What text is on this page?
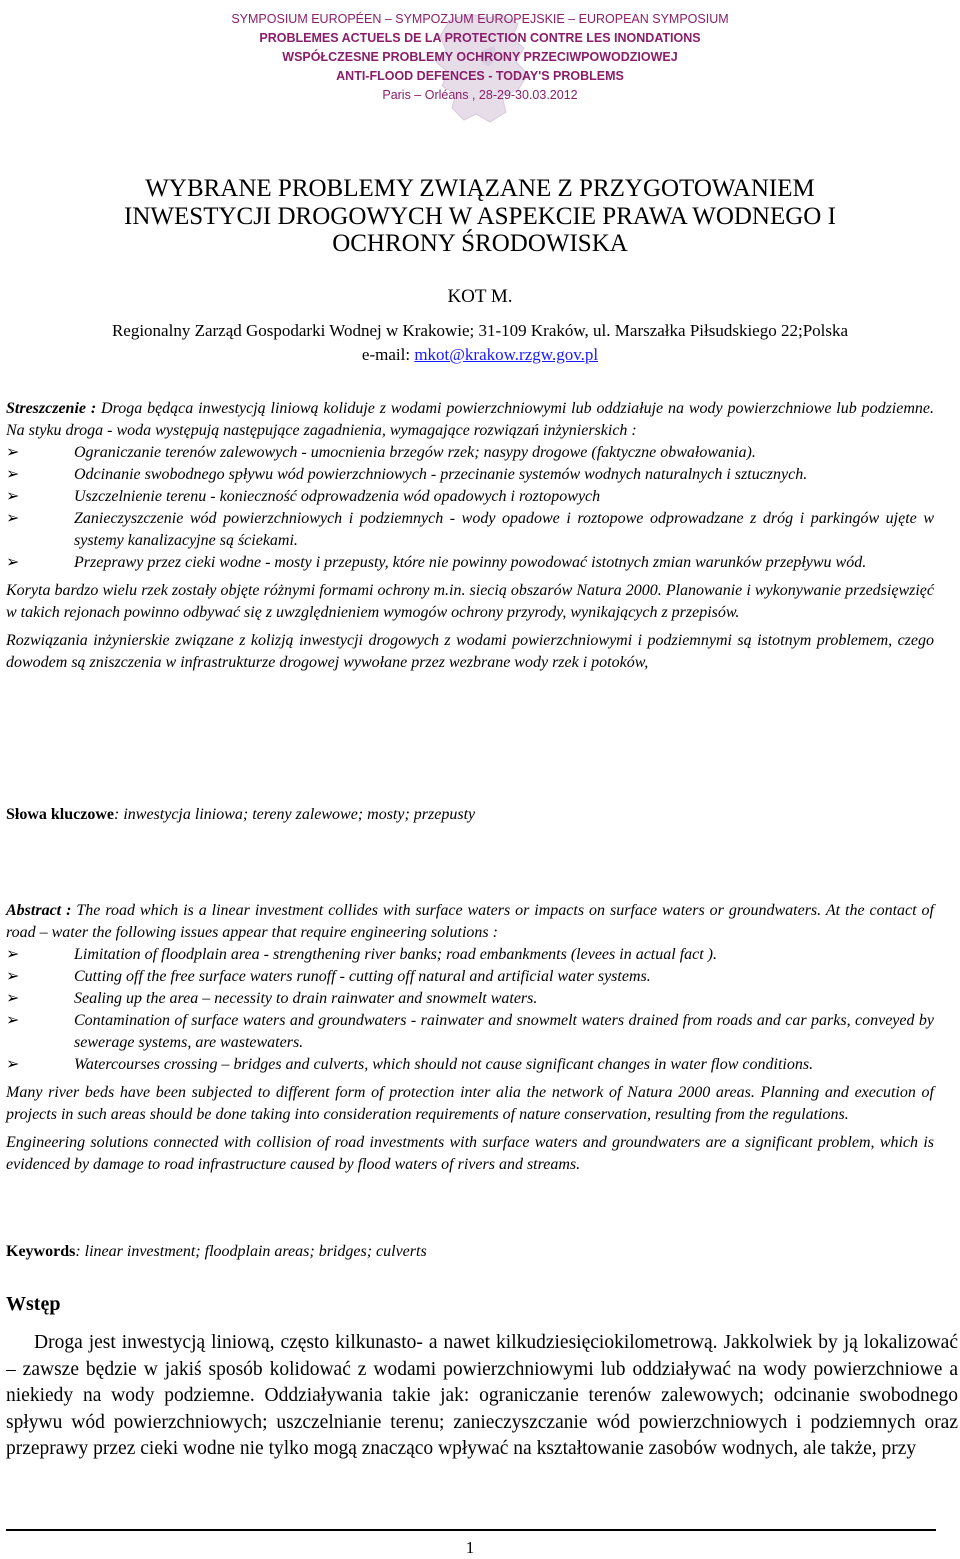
SYMPOSIUM EUROPÉEN – SYMPOZJUM EUROPEJSKIE – EUROPEAN SYMPOSIUM
PROBLEMES ACTUELS DE LA PROTECTION CONTRE LES INONDATIONS
WSPÓŁCZESNE PROBLEMY OCHRONY PRZECIWPOWODZIOWEJ
ANTI-FLOOD DEFENCES - TODAY'S PROBLEMS
Paris – Orléans , 28-29-30.03.2012
WYBRANE PROBLEMY ZWIĄZANE Z PRZYGOTOWANIEM
INWESTYCJI DROGOWYCH W ASPEKCIE PRAWA WODNEGO I
OCHRONY ŚRODOWISKA
KOT M.
Regionalny Zarząd Gospodarki Wodnej w Krakowie; 31-109 Kraków, ul. Marszałka Piłsudskiego 22;Polska
e-mail: mkot@krakow.rzgw.gov.pl

Streszczenie : Droga będąca inwestycją liniową koliduje z wodami powierzchniowymi lub oddziałuje na wody powierzchniowe lub podziemne. Na styku droga - woda występują następujące zagadnienia, wymagające rozwiązań inżynierskich :

➢	Ograniczanie terenów zalewowych - umocnienia brzegów rzek; nasypy drogowe (faktyczne obwałowania).
➢	Odcinanie swobodnego spływu wód powierzchniowych - przecinanie systemów wodnych naturalnych i sztucznych.
➢	Uszczelnienie terenu - konieczność odprowadzenia wód opadowych i roztopowych
➢	Zanieczyszczenie wód powierzchniowych i podziemnych - wody opadowe i roztopowe odprowadzane z dróg i parkingów ujęte w systemy kanalizacyjne są ściekami.
➢	Przeprawy przez cieki wodne - mosty i przepusty, które nie powinny powodować istotnych zmian warunków przepływu wód.

Koryta bardzo wielu rzek zostały objęte różnymi formami ochrony m.in. siecią obszarów Natura 2000. Planowanie i wykonywanie przedsięwzięć w takich rejonach powinno odbywać się z uwzględnieniem wymogów ochrony przyrody, wynikających z przepisów.

Rozwiązania inżynierskie związane z kolizją inwestycji drogowych z wodami powierzchniowymi i podziemnymi są istotnym problemem, czego dowodem są zniszczenia w infrastrukturze drogowej wywołane przez wezbrane wody rzek i potoków,

Słowa kluczowe: inwestycja liniowa; tereny zalewowe; mosty; przepusty

Abstract : The road which is a linear investment collides with surface waters or impacts on surface waters or groundwaters. At the contact of road – water the following issues appear that require engineering solutions :

➢	Limitation of floodplain area - strengthening river banks; road embankments (levees in actual fact ).
➢	Cutting off the free surface waters runoff - cutting off natural and artificial water systems.
➢	Sealing up the area – necessity to drain rainwater and snowmelt waters.
➢	Contamination of surface waters and groundwaters - rainwater and snowmelt waters drained from roads and car parks, conveyed by sewerage systems, are wastewaters.
➢	Watercourses crossing – bridges and culverts, which should not cause significant changes in water flow conditions.

Many river beds have been subjected to different form of protection inter alia the network of Natura 2000 areas. Planning and execution of projects in such areas should be done taking into consideration requirements of nature conservation, resulting from the regulations.

Engineering solutions connected with collision of road investments with surface waters and groundwaters are a significant problem, which is evidenced by damage to road infrastructure caused by flood waters of rivers and streams.

Keywords: linear investment; floodplain areas; bridges; culverts
Wstęp

Droga jest inwestycją liniową, często kilkunasto- a nawet kilkudziesięciokilometrową. Jakkolwiek by ją lokalizować – zawsze będzie w jakiś sposób kolidować z wodami powierzchniowymi lub oddziaływać na wody powierzchniowe a niekiedy na wody podziemne. Oddziaływania takie jak: ograniczanie terenów zalewowych; odcinanie swobodnego spływu wód powierzchniowych; uszczelnianie terenu; zanieczyszczanie wód powierzchniowych i podziemnych oraz przeprawy przez cieki wodne nie tylko mogą znacząco wpływać na kształtowanie zasobów wodnych, ale także, przy

1
